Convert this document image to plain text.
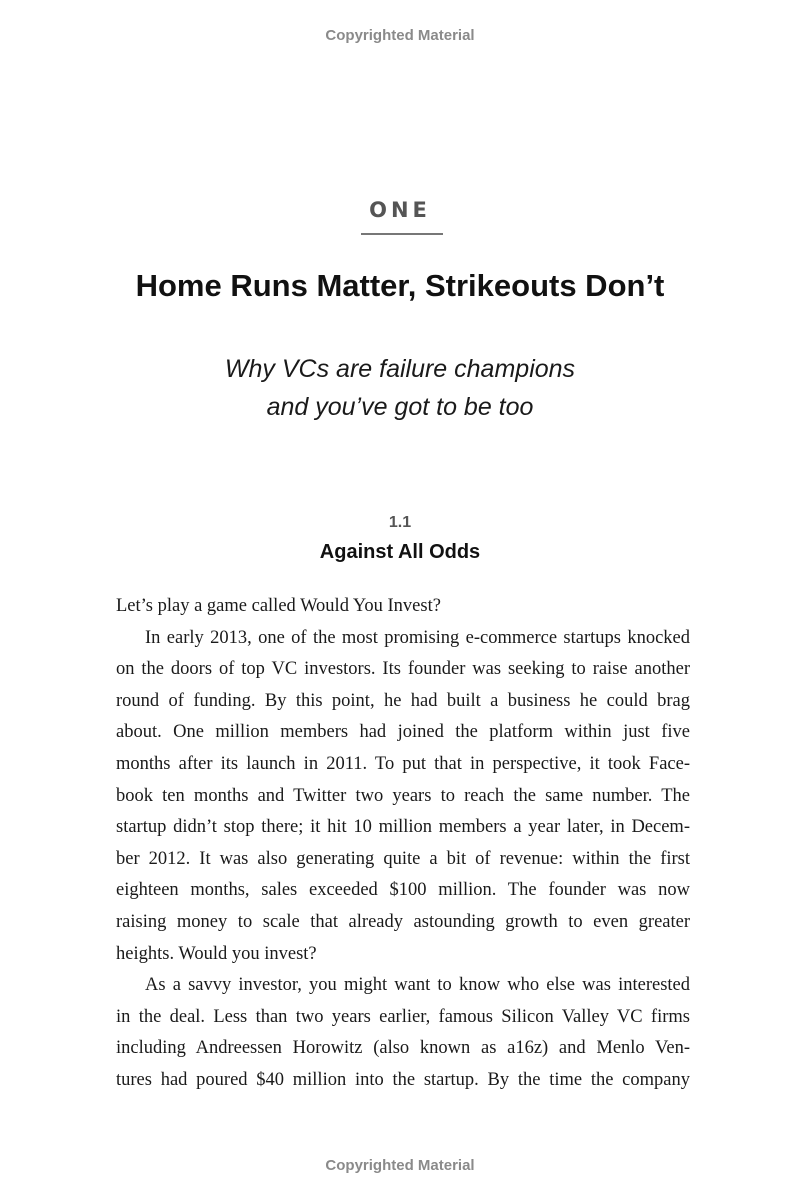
Copyrighted Material
ONE
Home Runs Matter, Strikeouts Don’t
Why VCs are failure champions
and you’ve got to be too
1.1
Against All Odds
Let’s play a game called Would You Invest?
In early 2013, one of the most promising e-commerce startups knocked
on the doors of top VC investors. Its founder was seeking to raise another
round of funding. By this point, he had built a business he could brag
about. One million members had joined the platform within just five
months after its launch in 2011. To put that in perspective, it took Face-
book ten months and Twitter two years to reach the same number. The
startup didn’t stop there; it hit 10 million members a year later, in Decem-
ber 2012. It was also generating quite a bit of revenue: within the first
eighteen months, sales exceeded $100 million. The founder was now
raising money to scale that already astounding growth to even greater
heights. Would you invest?
As a savvy investor, you might want to know who else was interested
in the deal. Less than two years earlier, famous Silicon Valley VC firms
including Andreessen Horowitz (also known as a16z) and Menlo Ven-
tures had poured $40 million into the startup. By the time the company
Copyrighted Material
